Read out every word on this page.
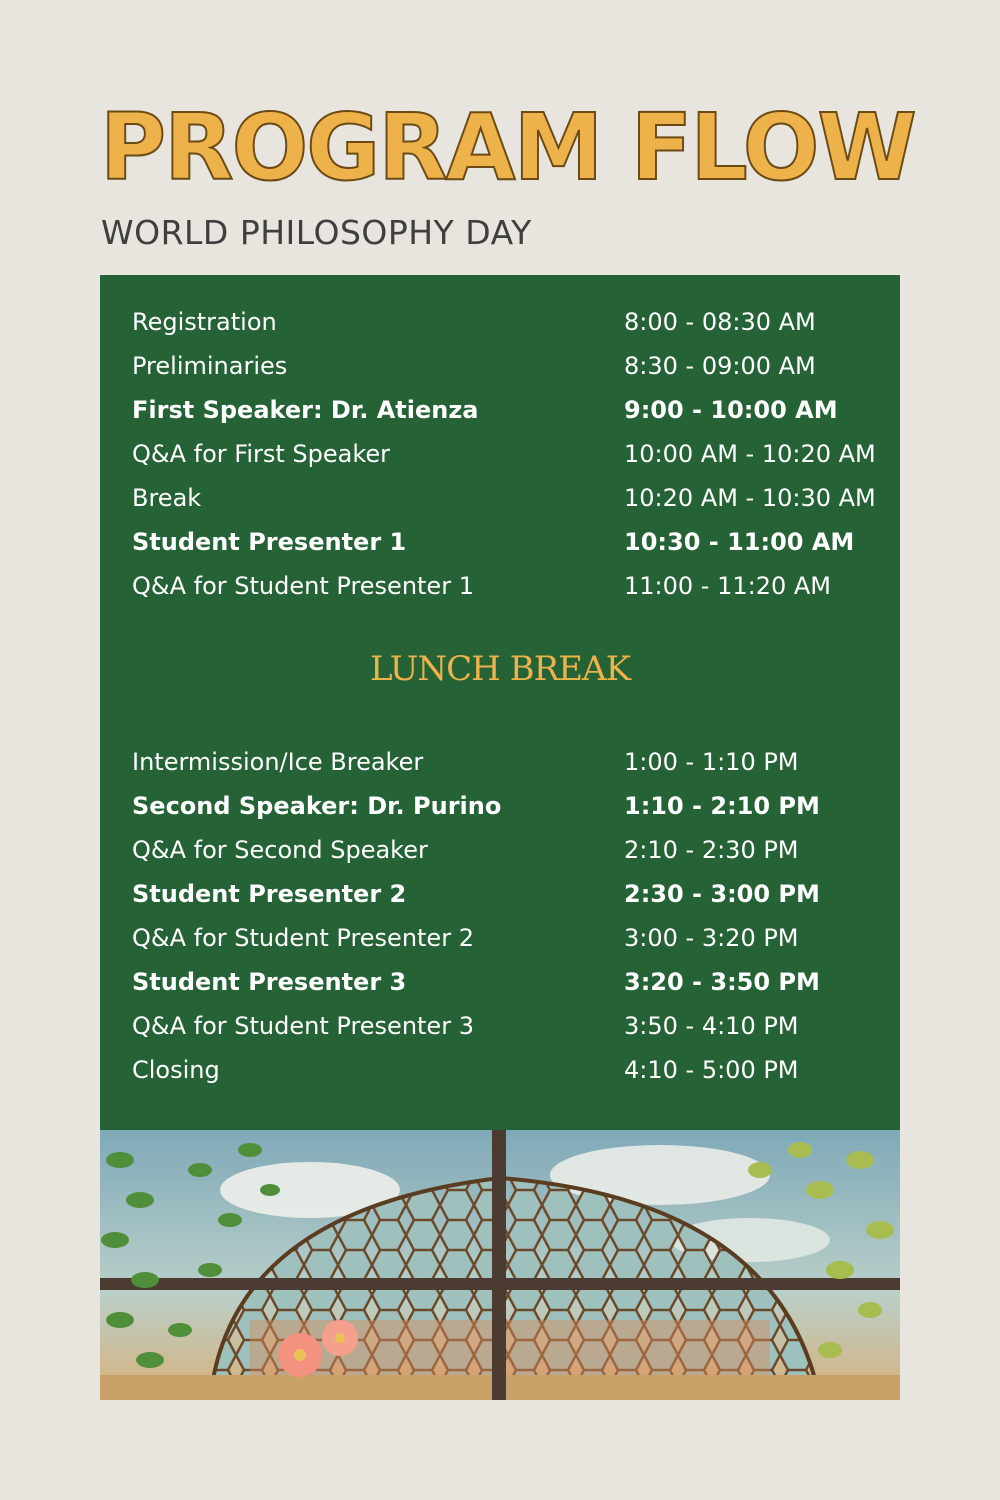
PROGRAM FLOW
WORLD PHILOSOPHY DAY
Registration	8:00 - 08:30 AM
Preliminaries	8:30 - 09:00 AM
First Speaker: Dr. Atienza	9:00 - 10:00 AM
Q&A for First Speaker	10:00 AM - 10:20 AM
Break	10:20 AM - 10:30 AM
Student Presenter 1	10:30 - 11:00 AM
Q&A for Student Presenter 1	11:00 - 11:20 AM
LUNCH BREAK
Intermission/Ice Breaker	1:00 - 1:10 PM
Second Speaker: Dr. Purino	1:10 - 2:10 PM
Q&A for Second Speaker	2:10 - 2:30 PM
Student Presenter 2	2:30 - 3:00 PM
Q&A for Student Presenter 2	3:00 - 3:20 PM
Student Presenter 3	3:20 - 3:50 PM
Q&A for Student Presenter 3	3:50 - 4:10 PM
Closing	4:10 - 5:00 PM
